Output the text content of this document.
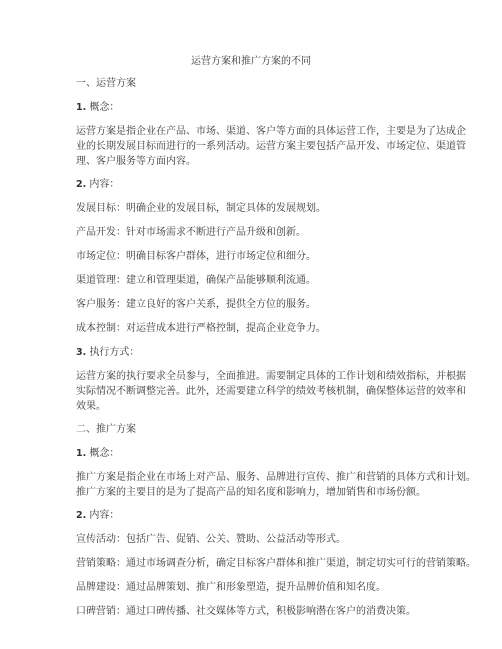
运营方案和推广方案的不同
一、运营方案
1. 概念：
运营方案是指企业在产品、市场、渠道、客户等方面的具体运营工作，主要是为了达成企
业的长期发展目标而进行的一系列活动。运营方案主要包括产品开发、市场定位、渠道管
理、客户服务等方面内容。
2. 内容：
发展目标：明确企业的发展目标，制定具体的发展规划。
产品开发：针对市场需求不断进行产品升级和创新。
市场定位：明确目标客户群体，进行市场定位和细分。
渠道管理：建立和管理渠道，确保产品能够顺利流通。
客户服务：建立良好的客户关系，提供全方位的服务。
成本控制：对运营成本进行严格控制，提高企业竞争力。
3. 执行方式：
运营方案的执行要求全员参与，全面推进。需要制定具体的工作计划和绩效指标，并根据
实际情况不断调整完善。此外，还需要建立科学的绩效考核机制，确保整体运营的效率和
效果。
二、推广方案
1. 概念：
推广方案是指企业在市场上对产品、服务、品牌进行宣传、推广和营销的具体方式和计划。
推广方案的主要目的是为了提高产品的知名度和影响力，增加销售和市场份额。
2. 内容：
宣传活动：包括广告、促销、公关、赞助、公益活动等形式。
营销策略：通过市场调查分析，确定目标客户群体和推广渠道，制定切实可行的营销策略。
品牌建设：通过品牌策划、推广和形象塑造，提升品牌价值和知名度。
口碑营销：通过口碑传播、社交媒体等方式，积极影响潜在客户的消费决策。
